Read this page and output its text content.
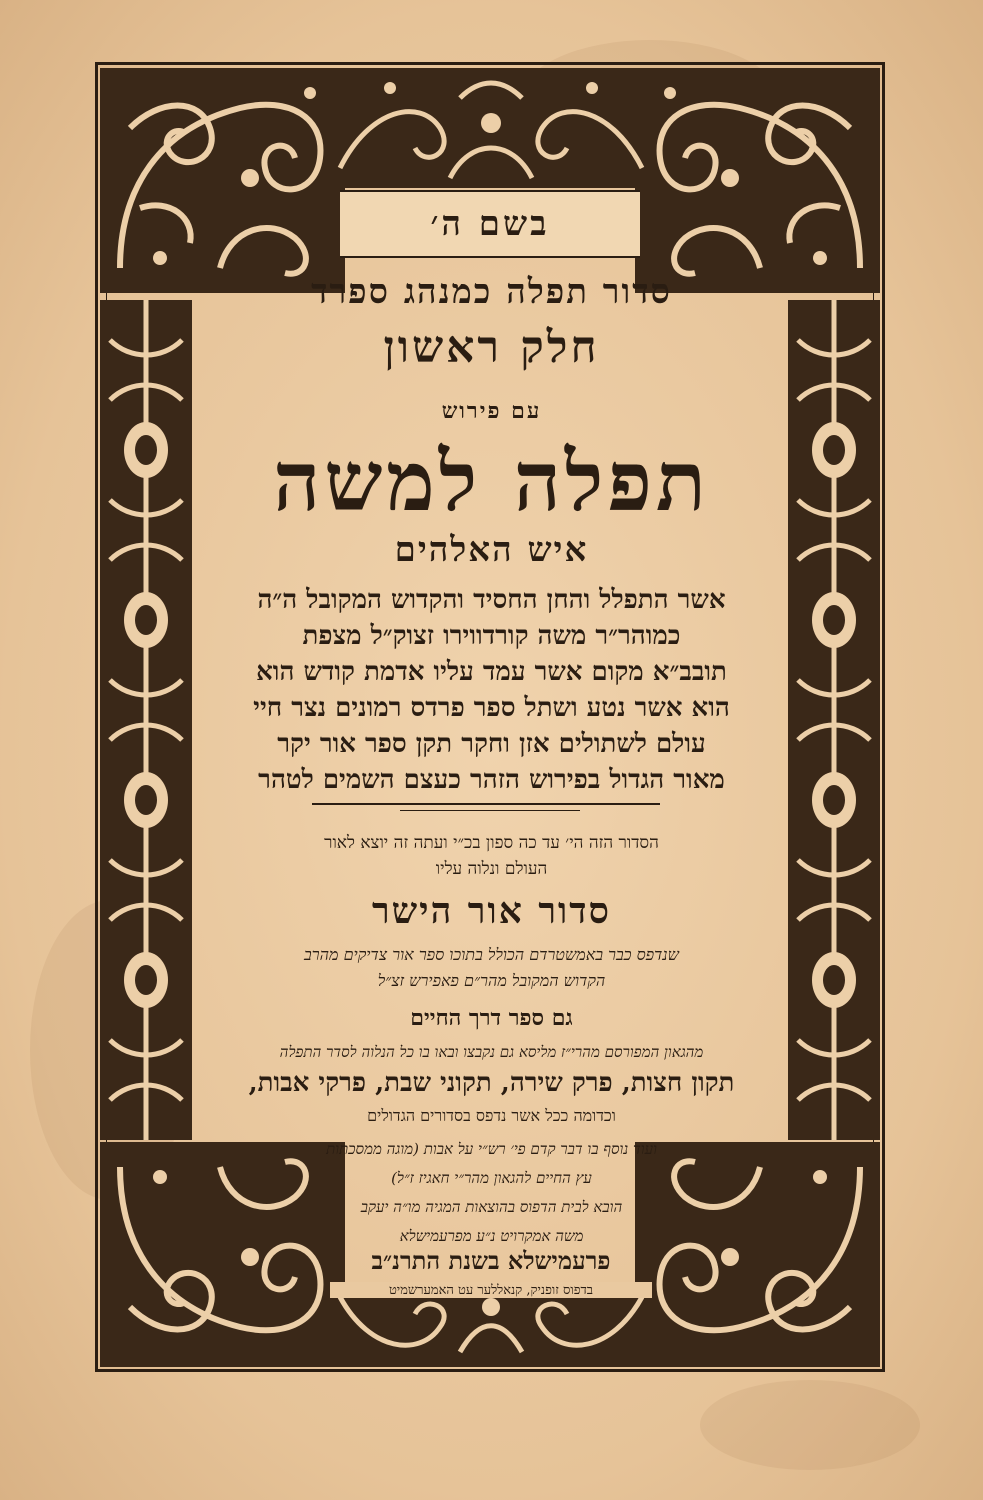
בשם ה׳
סדור תפלה כמנהג ספרד
חלק ראשון
עם פירוש
תפלה למשה
איש האלהים
אשר התפלל והחן החסיד והקדוש המקובל ה״ה
כמוהר״ר משה קורדווירו זצוק״ל מצפת
תובב״א מקום אשר עמד עליו אדמת קודש הוא
הוא אשר נטע ושתל ספר פרדס רמונים נצר חיי
עולם לשתולים אזן וחקר תקן ספר אור יקר
מאור הגדול בפירוש הזהר כעצם השמים לטהר
הסדור הזה הי׳ עד כה ספון בכ״י ועתה זה יוצא לאור
העולם ונלוה עליו
סדור אור הישר
שנדפס כבר באמשטרדם הכולל בתוכו ספר אור צדיקים מהרב
הקדוש המקובל מהר״ם פאפירש זצ״ל
גם ספר דרך החיים
מהגאון המפורסם מהרי״ז מליסא גם נקבצו ובאו בו כל הנלוה לסדר התפלה
תקון חצות, פרק שירה, תקוני שבת, פרקי אבות,
וכדומה ככל אשר נדפס בסדורים הגדולים
ועוד נוסף בו דבר קדם פי׳ רש״י על אבות (מוגה ממסכתות
עץ החיים להגאון מהר״י חאגיז ז״ל)
הובא לבית הדפוס בהוצאות המגיה מו״ה יעקב
משה אמקרויט נ״ע מפרעמישלא
פרעמישלא בשנת התרנ״ב
בדפוס זופניק, קנאללער עט האמערשמיט
